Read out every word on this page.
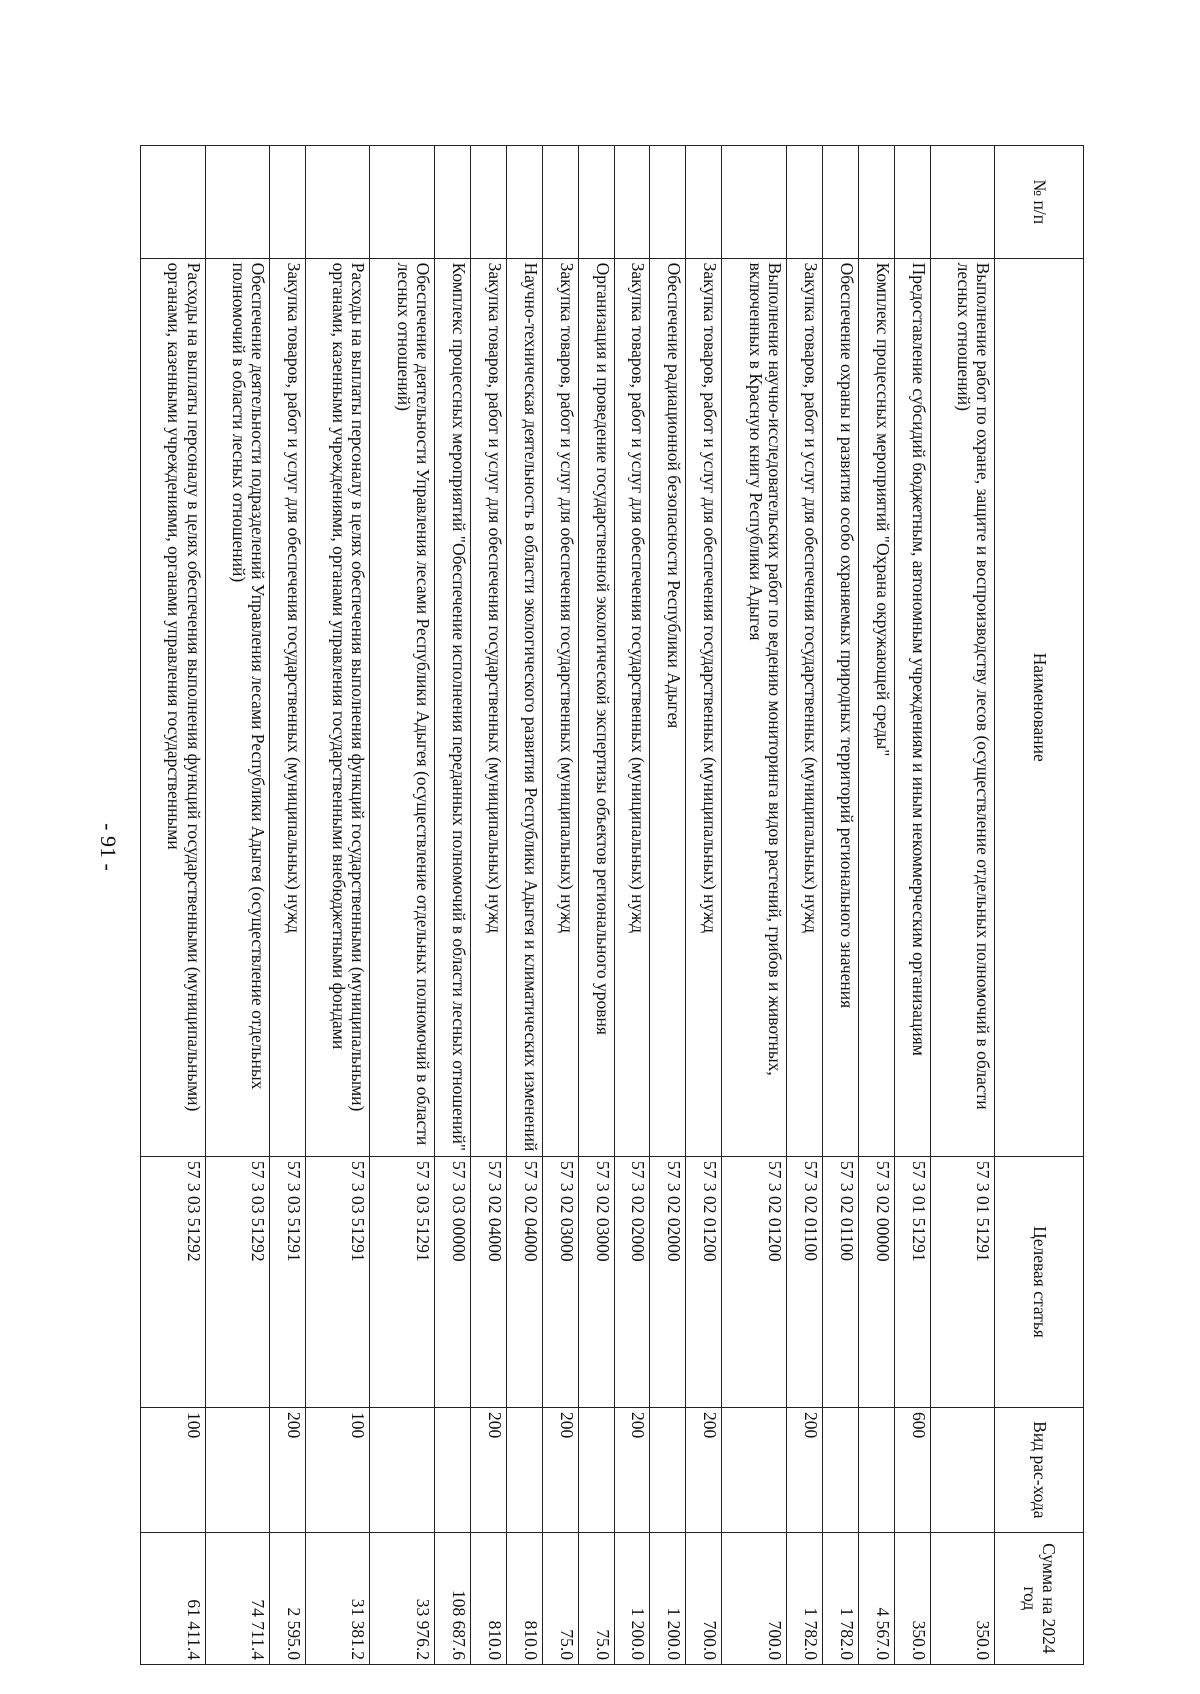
- 91 -
№ п/п	Наименование	Целевая статья	Вид рас-хода	Сумма на 2024 год
	Выполнение работ по охране, защите и воспроизводству лесов (осуществление отдельных полномочий в области лесных отношений)	57 3 01 51291		350.0
	Предоставление субсидий бюджетным, автономным учреждениям и иным некоммерческим организациям	57 3 01 51291	600	350.0
	Комплекс процессных мероприятий "Охрана окружающей среды"	57 3 02 00000		4 567.0
	Обеспечение охраны и развития особо охраняемых природных территорий регионального значения	57 3 02 01100		1 782.0
	Закупка товаров, работ и услуг для обеспечения государственных (муниципальных) нужд	57 3 02 01100	200	1 782.0
	Выполнение научно-исследовательских работ по ведению мониторинга видов растений, грибов и животных, включенных в Красную книгу Республики Адыгея	57 3 02 01200		700.0
	Закупка товаров, работ и услуг для обеспечения государственных (муниципальных) нужд	57 3 02 01200	200	700.0
	Обеспечение радиационной безопасности Республики Адыгея	57 3 02 02000		1 200.0
	Закупка товаров, работ и услуг для обеспечения государственных (муниципальных) нужд	57 3 02 02000	200	1 200.0
	Организация и проведение государственной экологической экспертизы объектов регионального уровня	57 3 02 03000		75.0
	Закупка товаров, работ и услуг для обеспечения государственных (муниципальных) нужд	57 3 02 03000	200	75.0
	Научно-техническая деятельность в области экологического развития Республики Адыгея и климатических изменений	57 3 02 04000		810.0
	Закупка товаров, работ и услуг для обеспечения государственных (муниципальных) нужд	57 3 02 04000	200	810.0
	Комплекс процессных мероприятий "Обеспечение исполнения переданных полномочий в области лесных отношений"	57 3 03 00000		108 687.6
	Обеспечение деятельности Управления лесами Республики Адыгея (осуществление отдельных полномочий в области лесных отношений)	57 3 03 51291		33 976.2
	Расходы на выплаты персоналу в целях обеспечения выполнения функций государственными (муниципальными) органами, казенными учреждениями, органами управления государственными внебюджетными фондами	57 3 03 51291	100	31 381.2
	Закупка товаров, работ и услуг для обеспечения государственных (муниципальных) нужд	57 3 03 51291	200	2 595.0
	Обеспечение деятельности подразделений Управления лесами Республики Адыгея (осуществление отдельных полномочий в области лесных отношений)	57 3 03 51292		74 711.4
	Расходы на выплаты персоналу в целях обеспечения выполнения функций государственными (муниципальными) органами, казенными учреждениями, органами управления государственными	57 3 03 51292	100	61 411.4
